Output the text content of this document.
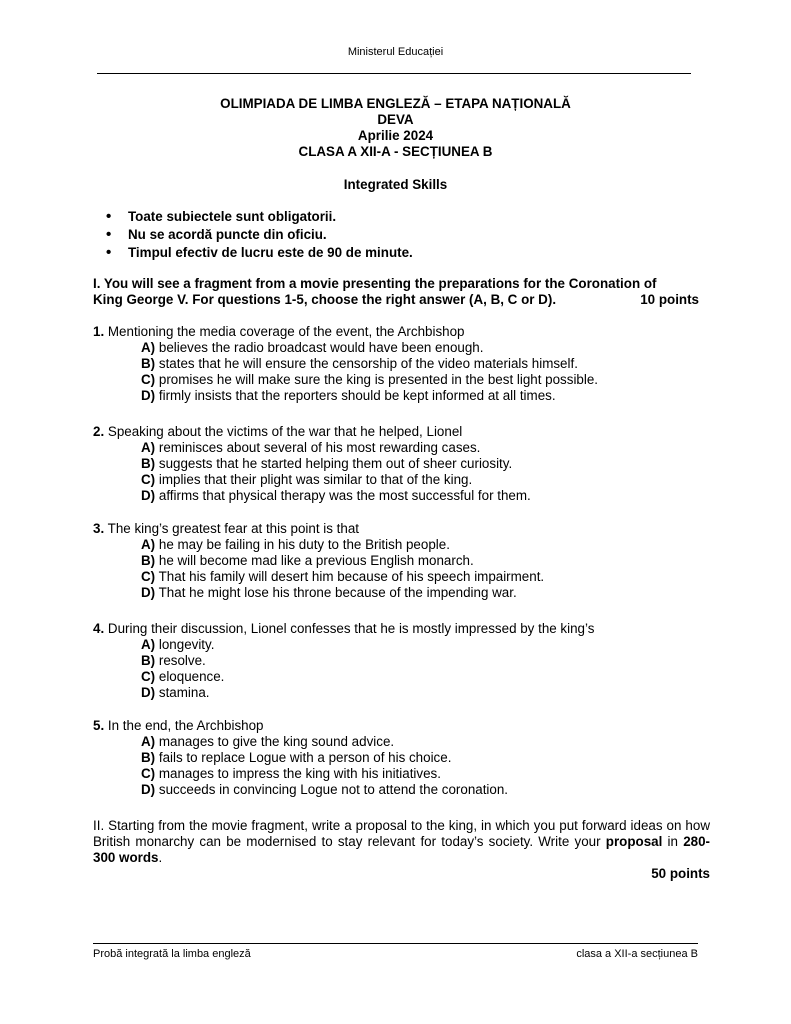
Ministerul Educației
OLIMPIADA DE LIMBA ENGLEZĂ – ETAPA NAȚIONALĂ
DEVA
Aprilie 2024
CLASA A XII-A - SECȚIUNEA B
Integrated Skills
• Toate subiectele sunt obligatorii.
• Nu se acordă puncte din oficiu.
• Timpul efectiv de lucru este de 90 de minute.
I. You will see a fragment from a movie presenting the preparations for the Coronation of
King George V. For questions 1-5, choose the right answer (A, B, C or D).	10 points
1. Mentioning the media coverage of the event, the Archbishop
A) believes the radio broadcast would have been enough.
B) states that he will ensure the censorship of the video materials himself.
C) promises he will make sure the king is presented in the best light possible.
D) firmly insists that the reporters should be kept informed at all times.
2. Speaking about the victims of the war that he helped, Lionel
A) reminisces about several of his most rewarding cases.
B) suggests that he started helping them out of sheer curiosity.
C) implies that their plight was similar to that of the king.
D) affirms that physical therapy was the most successful for them.
3. The king’s greatest fear at this point is that
A) he may be failing in his duty to the British people.
B) he will become mad like a previous English monarch.
C) That his family will desert him because of his speech impairment.
D) That he might lose his throne because of the impending war.
4. During their discussion, Lionel confesses that he is mostly impressed by the king’s
A) longevity.
B) resolve.
C) eloquence.
D) stamina.
5. In the end, the Archbishop
A) manages to give the king sound advice.
B) fails to replace Logue with a person of his choice.
C) manages to impress the king with his initiatives.
D) succeeds in convincing Logue not to attend the coronation.
II. Starting from the movie fragment, write a proposal to the king, in which you put forward ideas on how British monarchy can be modernised to stay relevant for today’s society. Write your proposal in 280-300 words.
50 points
Probă integrată la limba engleză	clasa a XII-a secțiunea B
